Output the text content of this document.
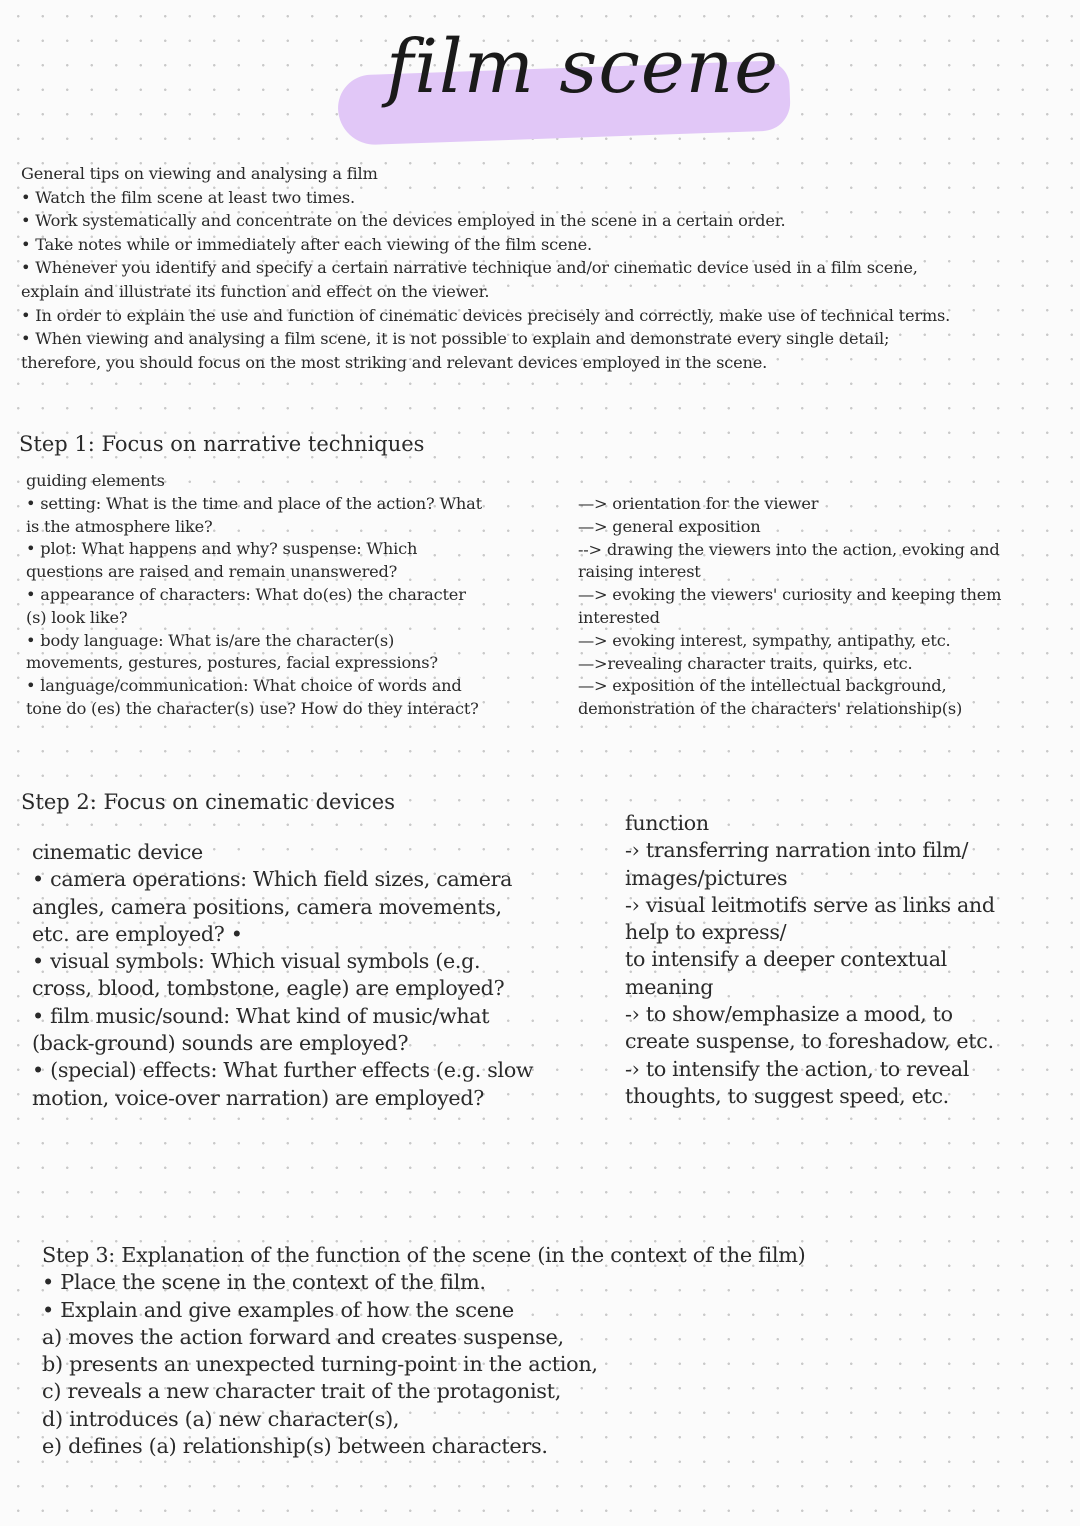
film scene

General tips on viewing and analysing a film

• Watch the film scene at least two times.

• Work systematically and concentrate on the devices employed in the scene in a certain order.

• Take notes while or immediately after each viewing of the film scene.

• Whenever you identify and specify a certain narrative technique and/or cinematic device used in a film scene,

explain and illustrate its function and effect on the viewer.

• In order to explain the use and function of cinematic devices precisely and correctly, make use of technical terms.

• When viewing and analysing a film scene, it is not possible to explain and demonstrate every single detail;

therefore, you should focus on the most striking and relevant devices employed in the scene.

Step 1: Focus on narrative techniques

guiding elements

• setting: What is the time and place of the action? What

is the atmosphere like?

• plot: What happens and why? suspense: Which

questions are raised and remain unanswered?

• appearance of characters: What do(es) the character

(s) look like?

• body language: What is/are the character(s)

movements, gestures, postures, facial expressions?

• language/communication: What choice of words and

tone do (es) the character(s) use? How do they interact?

—> orientation for the viewer

—> general exposition

--> drawing the viewers into the action, evoking and

raising interest

—> evoking the viewers' curiosity and keeping them

interested

—> evoking interest, sympathy, antipathy, etc.

—>revealing character traits, quirks, etc.

—> exposition of the intellectual background,

demonstration of the characters' relationship(s)

Step 2: Focus on cinematic devices

cinematic device

• camera operations: Which field sizes, camera

angles, camera positions, camera movements,

etc. are employed? •

• visual symbols: Which visual symbols (e.g.

cross, blood, tombstone, eagle) are employed?

• film music/sound: What kind of music/what

(back-ground) sounds are employed?

• (special) effects: What further effects (e.g. slow

motion, voice-over narration) are employed?

function

-› transferring narration into film/

images/pictures

-› visual leitmotifs serve as links and

help to express/

to intensify a deeper contextual

meaning

-› to show/emphasize a mood, to

create suspense, to foreshadow, etc.

-› to intensify the action, to reveal

thoughts, to suggest speed, etc.

Step 3: Explanation of the function of the scene (in the context of the film)

• Place the scene in the context of the film.

• Explain and give examples of how the scene

a) moves the action forward and creates suspense,

b) presents an unexpected turning-point in the action,

c) reveals a new character trait of the protagonist,

d) introduces (a) new character(s),

e) defines (a) relationship(s) between characters.
